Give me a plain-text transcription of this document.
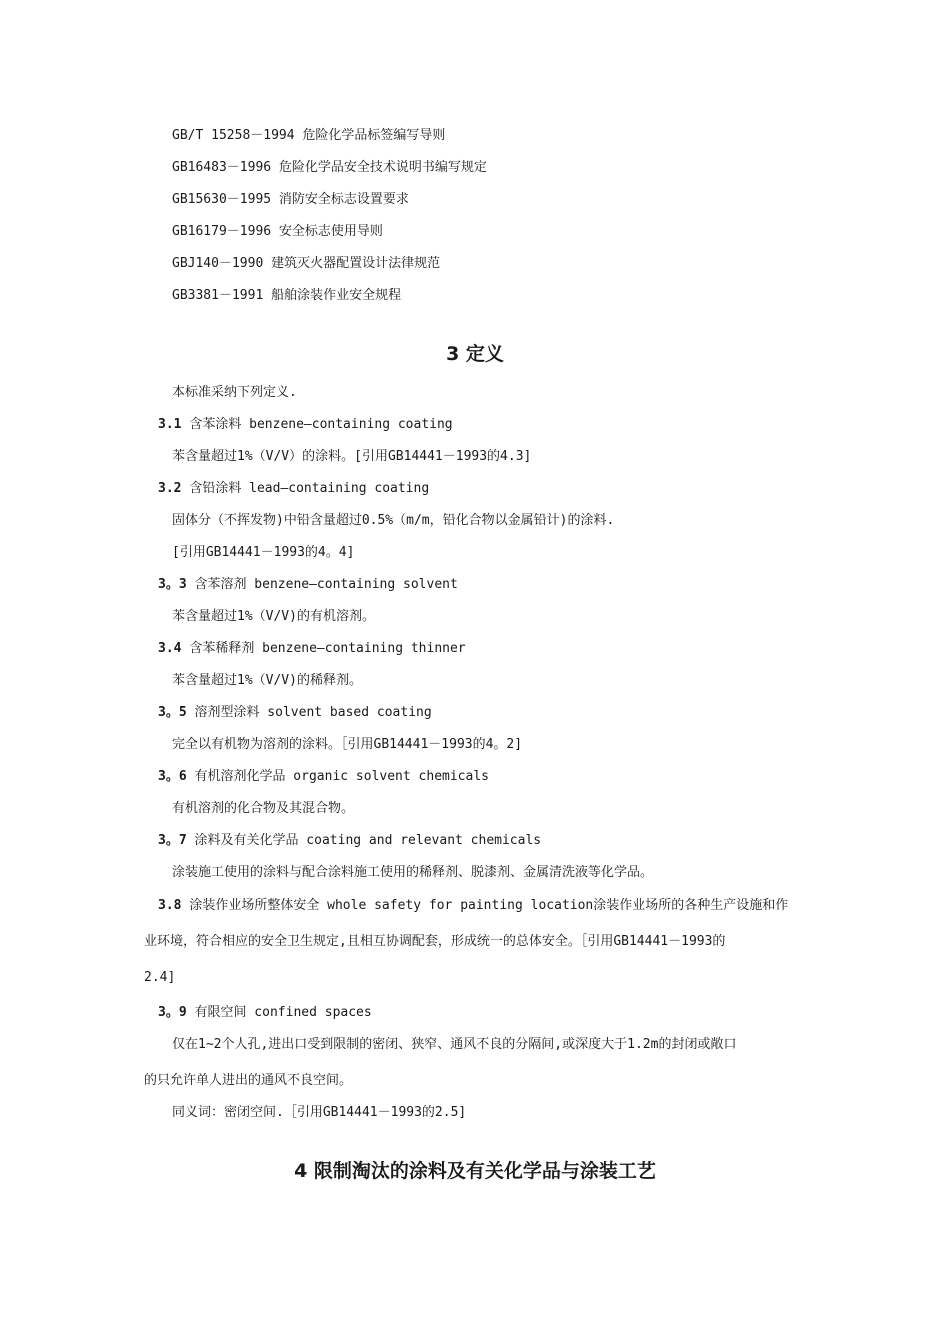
GB/T 15258－1994 危险化学品标签编写导则
GB16483－1996 危险化学品安全技术说明书编写规定
GB15630－1995 消防安全标志设置要求
GB16179－1996 安全标志使用导则
GBJ140－1990 建筑灭火器配置设计法律规范
GB3381－1991 船舶涂装作业安全规程
3 定义
本标准采纳下列定义.
3.1 含苯涂料 benzene—containing coating
苯含量超过1%（V/V）的涂料。[引用GB14441－1993的4.3]
3.2 含铅涂料 lead—containing coating
固体分（不挥发物)中铅含量超过0.5%（m/m，铅化合物以金属铅计)的涂料.
[引用GB14441－1993的4。4]
3。3 含苯溶剂 benzene—containing solvent
苯含量超过1%（V/V)的有机溶剂。
3.4 含苯稀释剂 benzene—containing thinner
苯含量超过1%（V/V)的稀释剂。
3。5 溶剂型涂料 solvent based coating
完全以有机物为溶剂的涂料。［引用GB14441－1993的4。2]
3。6 有机溶剂化学品 organic solvent chemicals
有机溶剂的化合物及其混合物。
3。7 涂料及有关化学品 coating and relevant chemicals
涂装施工使用的涂料与配合涂料施工使用的稀释剂、脱漆剂、金属清洗液等化学品。
3.8 涂装作业场所整体安全 whole safety for painting location涂装作业场所的各种生产设施和作
业环境，符合相应的安全卫生规定,且相互协调配套，形成统一的总体安全。［引用GB14441－1993的
2.4]
3。9 有限空间 confined spaces
仅在1~2个人孔,进出口受到限制的密闭、狭窄、通风不良的分隔间,或深度大于1.2m的封闭或敞口
的只允许单人进出的通风不良空间。
同义词：密闭空间.［引用GB14441－1993的2.5]
4 限制淘汰的涂料及有关化学品与涂装工艺
